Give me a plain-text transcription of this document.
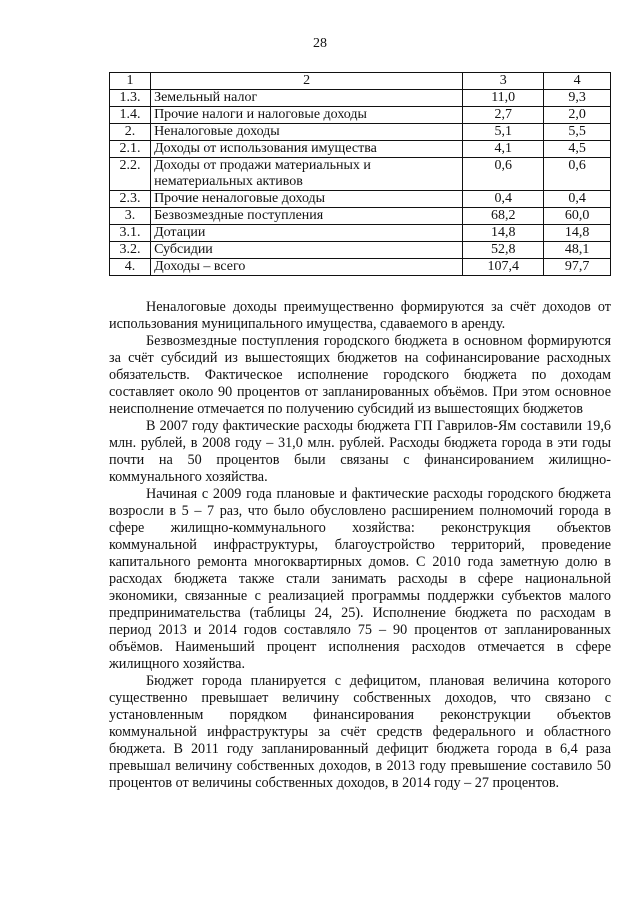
28
1	2	3	4
1.3.	Земельный налог	11,0	9,3
1.4.	Прочие налоги и налоговые доходы	2,7	2,0
2.	Неналоговые доходы	5,1	5,5
2.1.	Доходы от использования имущества	4,1	4,5
2.2.	Доходы от продажи материальных и нематериальных активов	0,6	0,6
2.3.	Прочие неналоговые доходы	0,4	0,4
3.	Безвозмездные поступления	68,2	60,0
3.1.	Дотации	14,8	14,8
3.2.	Субсидии	52,8	48,1
4.	Доходы – всего	107,4	97,7

Неналоговые доходы преимущественно формируются за счёт доходов от использования муниципального имущества, сдаваемого в аренду.

Безвозмездные поступления городского бюджета в основном формируются за счёт субсидий из вышестоящих бюджетов на софинансирование расходных обязательств. Фактическое исполнение городского бюджета по доходам составляет около 90 процентов от запланированных объёмов. При этом основное неисполнение отмечается по получению субсидий из вышестоящих бюджетов

В 2007 году фактические расходы бюджета ГП Гаврилов-Ям составили 19,6 млн. рублей, в 2008 году – 31,0 млн. рублей. Расходы бюджета города в эти годы почти на 50 процентов были связаны с финансированием жилищно-коммунального хозяйства.

Начиная с 2009 года плановые и фактические расходы городского бюджета возросли в 5 – 7 раз, что было обусловлено расширением полномочий города в сфере жилищно-коммунального хозяйства: реконструкция объектов коммунальной инфраструктуры, благоустройство территорий, проведение капитального ремонта многоквартирных домов. С 2010 года заметную долю в расходах бюджета также стали занимать расходы в сфере национальной экономики, связанные с реализацией программы поддержки субъектов малого предпринимательства (таблицы 24, 25). Исполнение бюджета по расходам в период 2013 и 2014 годов составляло 75 – 90 процентов от запланированных объёмов. Наименьший процент исполнения расходов отмечается в сфере жилищного хозяйства.

Бюджет города планируется с дефицитом, плановая величина которого существенно превышает величину собственных доходов, что связано с установленным порядком финансирования реконструкции объектов коммунальной инфраструктуры за счёт средств федерального и областного бюджета. В 2011 году запланированный дефицит бюджета города в 6,4 раза превышал величину собственных доходов, в 2013 году превышение составило 50 процентов от величины собственных доходов, в 2014 году – 27 процентов.
